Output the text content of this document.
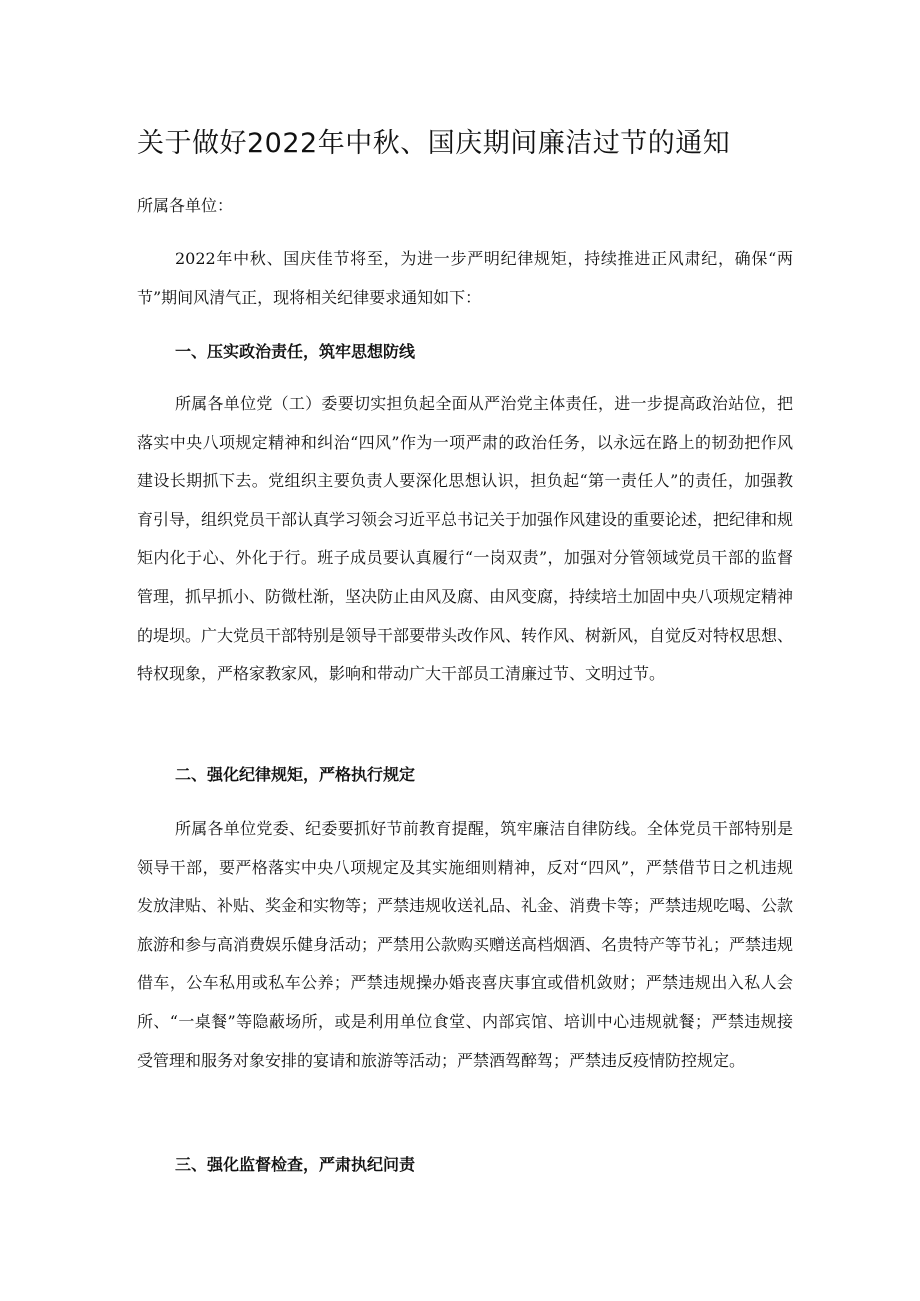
关于做好2022年中秋、国庆期间廉洁过节的通知
所属各单位：

2022年中秋、国庆佳节将至，为进一步严明纪律规矩，持续推进正风肃纪，确保“两节”期间风清气正，现将相关纪律要求通知如下：

一、压实政治责任，筑牢思想防线

所属各单位党（工）委要切实担负起全面从严治党主体责任，进一步提高政治站位，把落实中央八项规定精神和纠治“四风”作为一项严肃的政治任务，以永远在路上的韧劲把作风建设长期抓下去。党组织主要负责人要深化思想认识，担负起“第一责任人”的责任，加强教育引导，组织党员干部认真学习领会习近平总书记关于加强作风建设的重要论述，把纪律和规矩内化于心、外化于行。班子成员要认真履行“一岗双责”，加强对分管领域党员干部的监督管理，抓早抓小、防微杜渐，坚决防止由风及腐、由风变腐，持续培土加固中央八项规定精神的堤坝。广大党员干部特别是领导干部要带头改作风、转作风、树新风，自觉反对特权思想、特权现象，严格家教家风，影响和带动广大干部员工清廉过节、文明过节。

二、强化纪律规矩，严格执行规定

所属各单位党委、纪委要抓好节前教育提醒，筑牢廉洁自律防线。全体党员干部特别是领导干部，要严格落实中央八项规定及其实施细则精神，反对“四风”，严禁借节日之机违规发放津贴、补贴、奖金和实物等；严禁违规收送礼品、礼金、消费卡等；严禁违规吃喝、公款旅游和参与高消费娱乐健身活动；严禁用公款购买赠送高档烟酒、名贵特产等节礼；严禁违规借车，公车私用或私车公养；严禁违规操办婚丧喜庆事宜或借机敛财；严禁违规出入私人会所、“一桌餐”等隐蔽场所，或是利用单位食堂、内部宾馆、培训中心违规就餐；严禁违规接受管理和服务对象安排的宴请和旅游等活动；严禁酒驾醉驾；严禁违反疫情防控规定。

三、强化监督检查，严肃执纪问责
